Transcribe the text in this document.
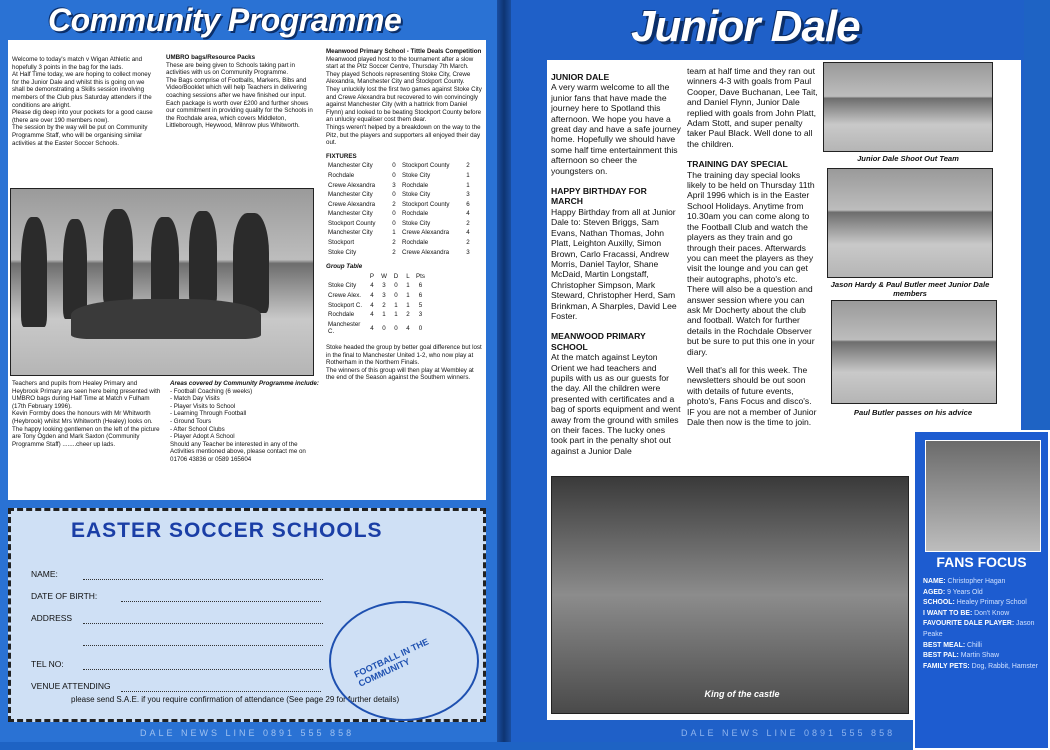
Community Programme

Welcome to today's match v Wigan Athletic and hopefully 3 points in the bag for the lads.

At Half Time today, we are hoping to collect money for the Junior Dale and whilst this is going on we shall be demonstrating a Skills session involving members of the Club plus Saturday attenders if the conditions are alright.

Please dig deep into your pockets for a good cause (there are over 190 members now).

The session by the way will be put on Community Programme Staff, who will be organising similar activities at the Easter Soccer Schools.

UMBRO bags/Resource Packs

These are being given to Schools taking part in activities with us on Community Programme.

The Bags comprise of Footballs, Markers, Bibs and Video/Booklet which will help Teachers in delivering coaching sessions after we have finished our input.

Each package is worth over £200 and further shows our commitment in providing quality for the Schools in the Rochdale area, which covers Middleton, Littleborough, Heywood, Milnrow plus Whitworth.

Meanwood Primary School - Tittle Deals Competition

Meanwood played host to the tournament after a slow start at the Pitz Soccer Centre, Thursday 7th March.

They played Schools representing Stoke City, Crewe Alexandra, Manchester City and Stockport County.

They unluckily lost the first two games against Stoke City and Crewe Alexandra but recovered to win convincingly against Manchester City (with a hattrick from Daniel Flynn) and looked to be beating Stockport County before an unlucky equaliser cost them dear.

Things weren't helped by a breakdown on the way to the Pitz, but the players and supporters all enjoyed their day out.

FIXTURES
Manchester City	0	Stockport County	2
Rochdale	0	Stoke City	1
Crewe Alexandra	3	Rochdale	1
Manchester City	0	Stoke City	3
Crewe Alexandra	2	Stockport County	6
Manchester City	0	Rochdale	4
Stockport County	0	Stoke City	2
Manchester City	1	Crewe Alexandra	4
Stockport	2	Rochdale	2
Stoke City	2	Crewe Alexandra	3
Group Table
	P	W	D	L	Pts
Stoke City	4	3	0	1	6
Crewe Alex.	4	3	0	1	6
Stockport C.	4	2	1	1	5
Rochdale	4	1	1	2	3
Manchester C.	4	0	0	4	0

Stoke headed the group by better goal difference but lost in the final to Manchester United 1-2, who now play at Rotherham in the Northern Finals.

The winners of this group will then play at Wembley at the end of the Season against the Southern winners.

Teachers and pupils from Healey Primary and Heybrook Primary are seen here being presented with UMBRO bags during Half Time at Match v Fulham (17th February 1996).

Kevin Formby does the honours with Mr Whitworth (Heybrook) whilst Mrs Whitworth (Healey) looks on.

The happy looking gentlemen on the left of the picture are Tony Ogden and Mark Saxton (Community Programme Staff) ........cheer up lads.

Areas covered by Community Programme include:
- Football Coaching (6 weeks)
- Match Day Visits
- Player Visits to School
- Learning Through Football
- Ground Tours
- After School Clubs
- Player Adopt A School

Should any Teacher be interested in any of the Activities mentioned above, please contact me on 01706 43836 or 0589 165604

EASTER SOCCER SCHOOLS
NAME:
DATE OF BIRTH:
ADDRESS
TEL NO:
VENUE ATTENDING
please send S.A.E. if you require confirmation of attendance (See page 29 for further details)
FOOTBALL IN THE COMMUNITY
DALE NEWS LINE 0891 555 858
Junior Dale
JUNIOR DALE

A very warm welcome to all the junior fans that have made the journey here to Spotland this afternoon. We hope you have a great day and have a safe journey home. Hopefully we should have some half time entertainment this afternoon so cheer the youngsters on.

HAPPY BIRTHDAY FOR MARCH

Happy Birthday from all at Junior Dale to: Steven Briggs, Sam Evans, Nathan Thomas, John Platt, Leighton Auxilly, Simon Brown, Carlo Fracassi, Andrew Morris, Daniel Taylor, Shane McDaid, Martin Longstaff, Christopher Simpson, Mark Steward, Christopher Herd, Sam Brinkman, A Sharples, David Lee Foster.

MEANWOOD PRIMARY SCHOOL

At the match against Leyton Orient we had teachers and pupils with us as our guests for the day. All the children were presented with certificates and a bag of sports equipment and went away from the ground with smiles on their faces. The lucky ones took part in the penalty shot out against a Junior Dale

team at half time and they ran out winners 4-3 with goals from Paul Cooper, Dave Buchanan, Lee Tait, and Daniel Flynn, Junior Dale replied with goals from John Platt, Adam Stott, and super penalty taker Paul Black. Well done to all the children.

TRAINING DAY SPECIAL

The training day special looks likely to be held on Thursday 11th April 1996 which is in the Easter School Holidays. Anytime from 10.30am you can come along to the Football Club and watch the players as they train and go through their paces. Afterwards you can meet the players as they visit the lounge and you can get their autographs, photo's etc. There will also be a question and answer session where you can ask Mr Docherty about the club and football. Watch for further details in the Rochdale Observer but be sure to put this one in your diary.

Well that's all for this week. The newsletters should be out soon with details of future events, photo's, Fans Focus and disco's. IF you are not a member of Junior Dale then now is the time to join.

Junior Dale Shoot Out Team
Jason Hardy & Paul Butler meet Junior Dale members
Paul Butler passes on his advice
King of the castle
FANS FOCUS
NAME: Christopher Hagan
AGED: 9 Years Old
SCHOOL: Healey Primary School
I WANT TO BE: Don't Know
FAVOURITE DALE PLAYER: Jason Peake
BEST MEAL: Chilli
BEST PAL: Martin Shaw
FAMILY PETS: Dog, Rabbit, Hamster
DALE NEWS LINE 0891 555 858
